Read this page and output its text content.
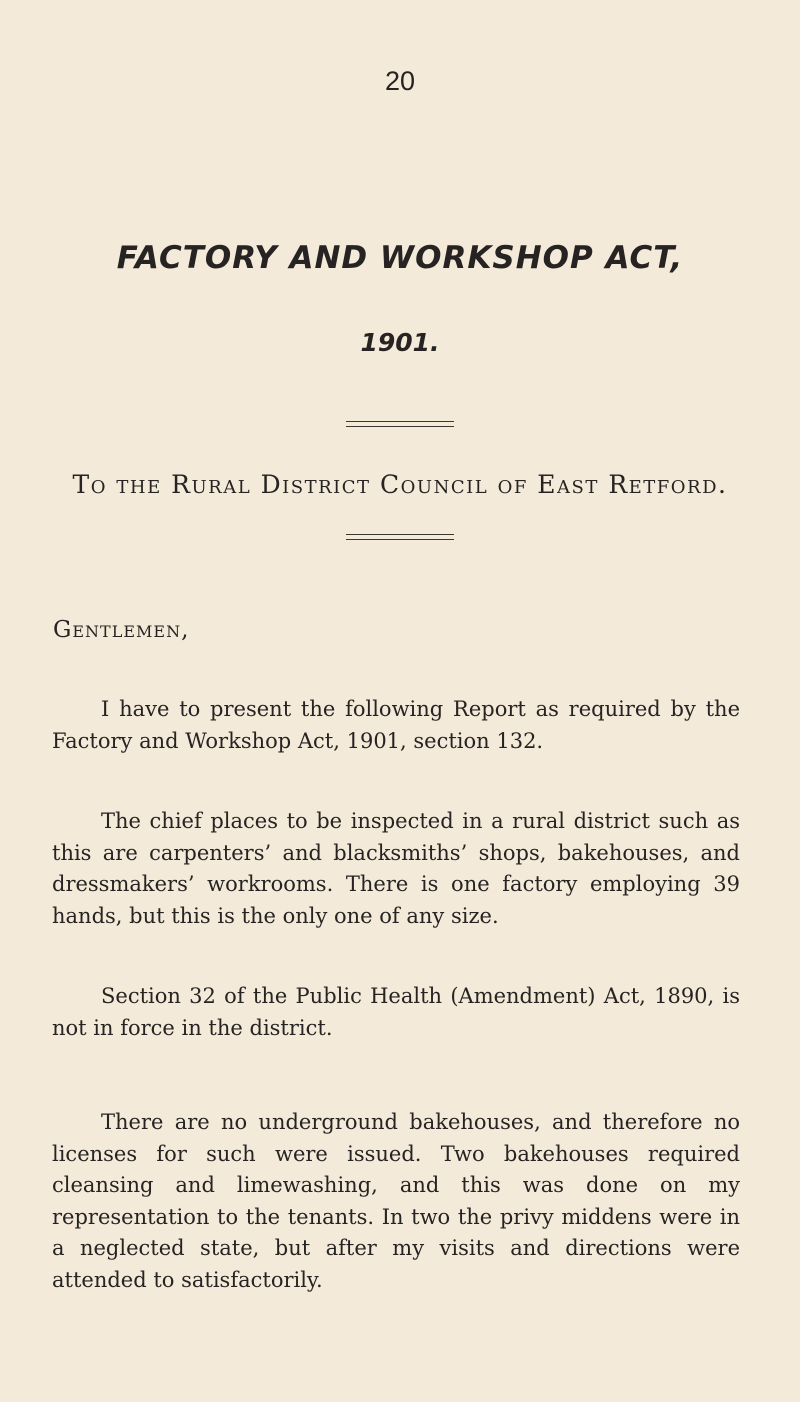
20
FACTORY AND WORKSHOP ACT,
1901.
To the Rural District Council of East Retford.
Gentlemen,

I have to present the following Report as required by the Factory and Workshop Act, 1901, section 132.

The chief places to be inspected in a rural district such as this are carpenters’ and blacksmiths’ shops, bakehouses, and dressmakers’ workrooms. There is one factory employing 39 hands, but this is the only one of any size.

Section 32 of the Public Health (Amendment) Act, 1890, is not in force in the district.

There are no underground bakehouses, and therefore no licenses for such were issued. Two bakehouses required cleansing and limewashing, and this was done on my representation to the tenants. In two the privy middens were in a neglected state, but after my visits and directions were attended to satisfactorily.
